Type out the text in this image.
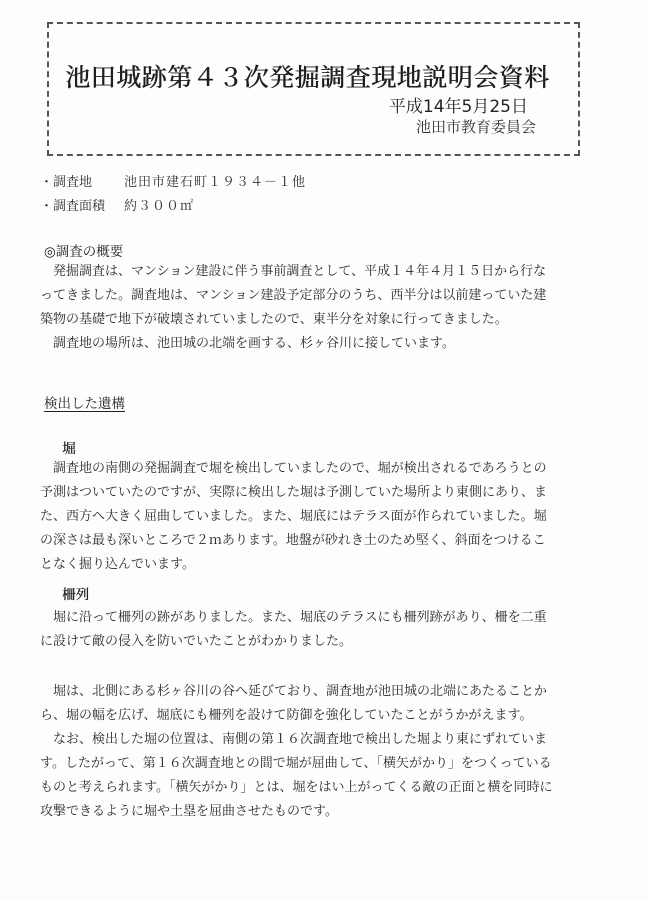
池田城跡第４３次発掘調査現地説明会資料
平成14年5月25日
池田市教育委員会
・調査地 池田市建石町１９３４－１他
・調査面積 約３００㎡
◎調査の概要
　発掘調査は、マンション建設に伴う事前調査として、平成１４年４月１５日から行な
ってきました。調査地は、マンション建設予定部分のうち、西半分は以前建っていた建
築物の基礎で地下が破壊されていましたので、東半分を対象に行ってきました。
　調査地の場所は、池田城の北端を画する、杉ヶ谷川に接しています。
検出した遺構
堀
　調査地の南側の発掘調査で堀を検出していましたので、堀が検出されるであろうとの
予測はついていたのですが、実際に検出した堀は予測していた場所より東側にあり、ま
た、西方へ大きく屈曲していました。また、堀底にはテラス面が作られていました。堀
の深さは最も深いところで２ｍあります。地盤が砂れき土のため堅く、斜面をつけるこ
となく掘り込んでいます。
柵列
　堀に沿って柵列の跡がありました。また、堀底のテラスにも柵列跡があり、柵を二重
に設けて敵の侵入を防いでいたことがわかりました。
　堀は、北側にある杉ヶ谷川の谷へ延びており、調査地が池田城の北端にあたることか
ら、堀の幅を広げ、堀底にも柵列を設けて防御を強化していたことがうかがえます。
　なお、検出した堀の位置は、南側の第１６次調査地で検出した堀より東にずれていま
す。したがって、第１６次調査地との間で堀が屈曲して、「横矢がかり」をつくっている
ものと考えられます。「横矢がかり」とは、堀をはい上がってくる敵の正面と横を同時に
攻撃できるように堀や土塁を屈曲させたものです。
